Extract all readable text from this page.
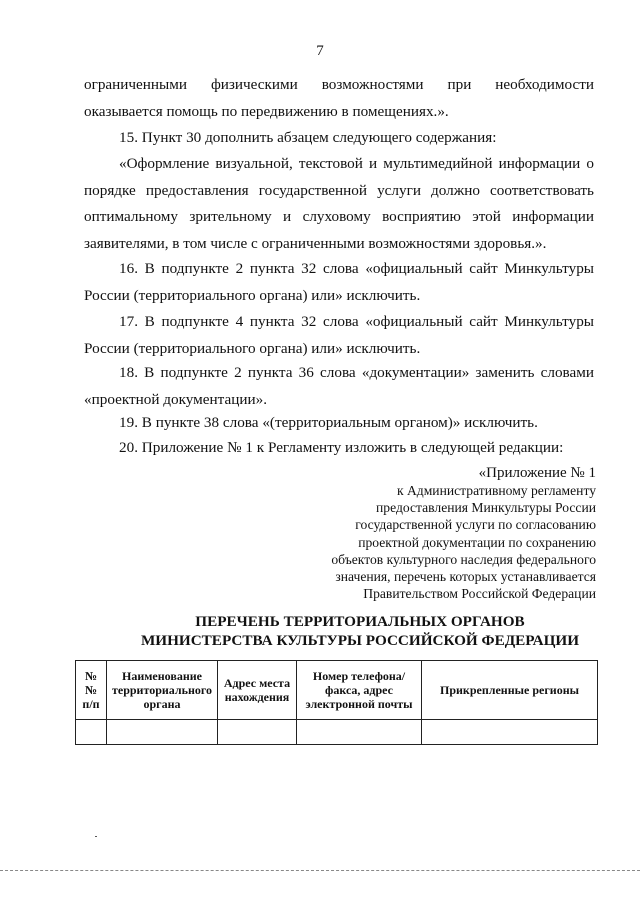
7

ограниченными физическими возможностями при необходимости оказывается помощь по передвижению в помещениях.».

15. Пункт 30 дополнить абзацем следующего содержания:

«Оформление визуальной, текстовой и мультимедийной информации о порядке предоставления государственной услуги должно соответствовать оптимальному зрительному и слуховому восприятию этой информации заявителями, в том числе с ограниченными возможностями здоровья.».

16. В подпункте 2 пункта 32 слова «официальный сайт Минкультуры России (территориального органа) или» исключить.

17. В подпункте 4 пункта 32 слова «официальный сайт Минкультуры России (территориального органа) или» исключить.

18. В подпункте 2 пункта 36 слова «документации» заменить словами «проектной документации».

19. В пункте 38 слова «(территориальным органом)» исключить.

20. Приложение № 1 к Регламенту изложить в следующей редакции:

«Приложение № 1
к Административному регламенту
предоставления Минкультуры России
государственной услуги по согласованию
проектной документации по сохранению
объектов культурного наследия федерального
значения, перечень которых устанавливается
Правительством Российской Федерации
ПЕРЕЧЕНЬ ТЕРРИТОРИАЛЬНЫХ ОРГАНОВ
МИНИСТЕРСТВА КУЛЬТУРЫ РОССИЙСКОЙ ФЕДЕРАЦИИ
№ № п/п	Наименование территориального органа	Адрес места нахождения	Номер телефона/факса, адрес электронной почты	Прикрепленные регионы
